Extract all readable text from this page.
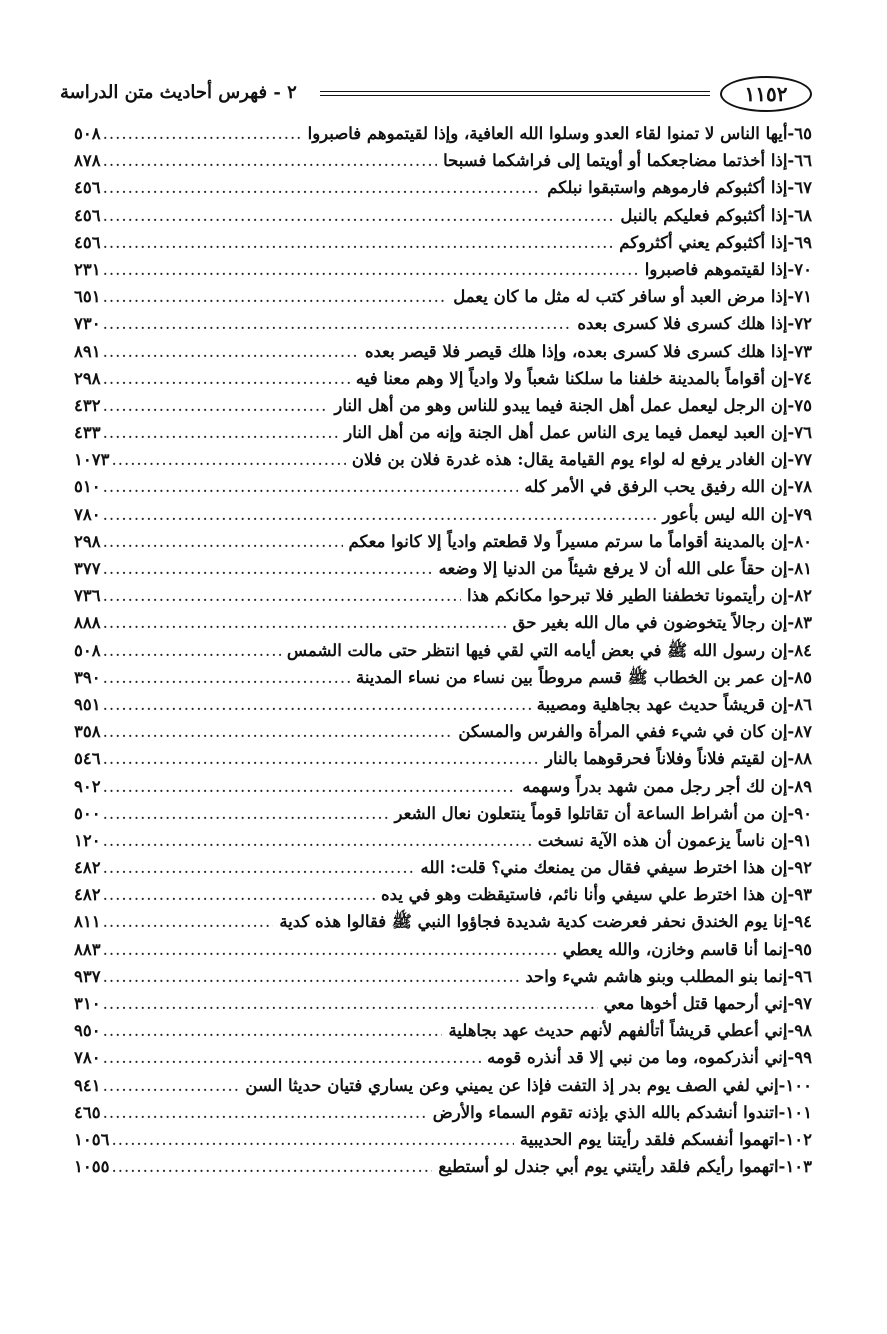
١١٥٢
٢ - فهرس أحاديث متن الدراسة
٦٥
-
أيها الناس لا تمنوا لقاء العدو وسلوا الله العافية، وإذا لقيتموهم فاصبروا
.....
٥٠٨
٦٦
-
إذا أخذتما مضاجعكما أو أويتما إلى فراشكما فسبحا
.....
٨٧٨
٦٧
-
إذا أكثبوكم فارموهم واستبقوا نبلكم
.....
٤٥٦
٦٨
-
إذا أكثبوكم فعليكم بالنبل
.....
٤٥٦
٦٩
-
إذا أكثبوكم يعني أكثروكم
.....
٤٥٦
٧٠
-
إذا لقيتموهم فاصبروا
.....
٢٣١
٧١
-
إذا مرض العبد أو سافر كتب له مثل ما كان يعمل
.....
٦٥١
٧٢
-
إذا هلك كسرى فلا كسرى بعده
.....
٧٣٠
٧٣
-
إذا هلك كسرى فلا كسرى بعده، وإذا هلك قيصر فلا قيصر بعده
.....
٨٩١
٧٤
-
إن أقواماً بالمدينة خلفنا ما سلكنا شعباً ولا وادياً إلا وهم معنا فيه
.....
٢٩٨
٧٥
-
إن الرجل ليعمل عمل أهل الجنة فيما يبدو للناس وهو من أهل النار
.....
٤٣٢
٧٦
-
إن العبد ليعمل فيما يرى الناس عمل أهل الجنة وإنه من أهل النار
.....
٤٣٣
٧٧
-
إن الغادر يرفع له لواء يوم القيامة يقال: هذه غدرة فلان بن فلان
.....
١٠٧٣
٧٨
-
إن الله رفيق يحب الرفق في الأمر كله
.....
٥١٠
٧٩
-
إن الله ليس بأعور
.....
٧٨٠
٨٠
-
إن بالمدينة أقواماً ما سرتم مسيراً ولا قطعتم وادياً إلا كانوا معكم
.....
٢٩٨
٨١
-
إن حقاً على الله أن لا يرفع شيئاً من الدنيا إلا وضعه
.....
٣٧٧
٨٢
-
إن رأيتمونا تخطفنا الطير فلا تبرحوا مكانكم هذا
.....
٧٣٦
٨٣
-
إن رجالاً يتخوضون في مال الله بغير حق
.....
٨٨٨
٨٤
-
إن رسول الله ﷺ في بعض أيامه التي لقي فيها انتظر حتى مالت الشمس
.....
٥٠٨
٨٥
-
إن عمر بن الخطاب ﷺ قسم مروطاً بين نساء من نساء المدينة
.....
٣٩٠
٨٦
-
إن قريشاً حديث عهد بجاهلية ومصيبة
.....
٩٥١
٨٧
-
إن كان في شيء ففي المرأة والفرس والمسكن
.....
٣٥٨
٨٨
-
إن لقيتم فلاناً وفلاناً فحرقوهما بالنار
.....
٥٤٦
٨٩
-
إن لك أجر رجل ممن شهد بدراً وسهمه
.....
٩٠٢
٩٠
-
إن من أشراط الساعة أن تقاتلوا قوماً ينتعلون نعال الشعر
.....
٥٠٠
٩١
-
إن ناساً يزعمون أن هذه الآية نسخت
.....
١٢٠
٩٢
-
إن هذا اخترط سيفي فقال من يمنعك مني؟ قلت: الله
.....
٤٨٢
٩٣
-
إن هذا اخترط علي سيفي وأنا نائم، فاستيقظت وهو في يده
.....
٤٨٢
٩٤
-
إنا يوم الخندق نحفر فعرضت كدية شديدة فجاؤوا النبي ﷺ فقالوا هذه كدية
.....
٨١١
٩٥
-
إنما أنا قاسم وخازن، والله يعطي
.....
٨٨٣
٩٦
-
إنما بنو المطلب وبنو هاشم شيء واحد
.....
٩٣٧
٩٧
-
إني أرحمها قتل أخوها معي
.....
٣١٠
٩٨
-
إني أعطي قريشاً أتألفهم لأنهم حديث عهد بجاهلية
.....
٩٥٠
٩٩
-
إني أنذركموه، وما من نبي إلا قد أنذره قومه
.....
٧٨٠
١٠٠
-
إني لفي الصف يوم بدر إذ التفت فإذا عن يميني وعن يساري فتيان حديثا السن
.....
٩٤١
١٠١
-
اتندوا أنشدكم بالله الذي بإذنه تقوم السماء والأرض
.....
٤٦٥
١٠٢
-
اتهموا أنفسكم فلقد رأيتنا يوم الحديبية
.....
١٠٥٦
١٠٣
-
اتهموا رأيكم فلقد رأيتني يوم أبي جندل لو أستطيع
.....
١٠٥٥
